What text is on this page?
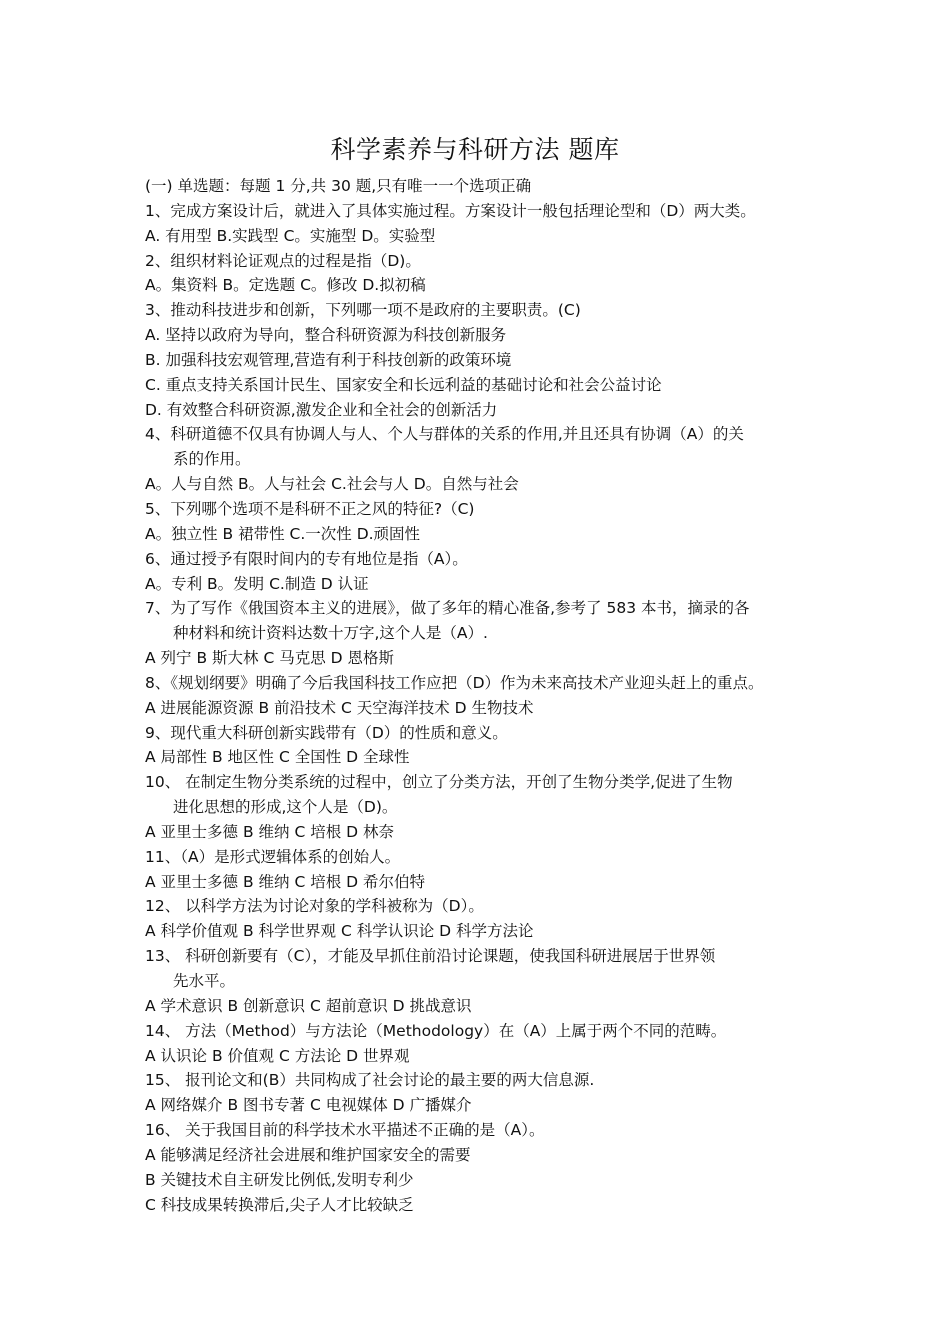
科学素养与科研方法 题库
(一) 单选题：每题 1 分,共 30 题,只有唯一一个选项正确
1、完成方案设计后，就进入了具体实施过程。方案设计一般包括理论型和（D）两大类。
A. 有用型 B.实践型 C。实施型 D。实验型
2、组织材料论证观点的过程是指（D)。
A。集资料 B。定选题 C。修改 D.拟初稿
3、推动科技进步和创新，下列哪一项不是政府的主要职责。(C)
A. 坚持以政府为导向，整合科研资源为科技创新服务
B. 加强科技宏观管理,营造有利于科技创新的政策环境
C. 重点支持关系国计民生、国家安全和长远利益的基础讨论和社会公益讨论
D. 有效整合科研资源,激发企业和全社会的创新活力
4、科研道德不仅具有协调人与人、个人与群体的关系的作用,并且还具有协调（A）的关
系的作用。
A。人与自然 B。人与社会 C.社会与人 D。自然与社会
5、下列哪个选项不是科研不正之风的特征?（C)
A。独立性 B 裙带性 C.一次性 D.顽固性
6、通过授予有限时间内的专有地位是指（A）。
A。专利 B。发明 C.制造 D 认证
7、为了写作《俄国资本主义的进展》，做了多年的精心准备,参考了 583 本书，摘录的各
种材料和统计资料达数十万字,这个人是（A）.
A 列宁 B 斯大林 C 马克思 D 恩格斯
8、《规划纲要》明确了今后我国科技工作应把（D）作为未来高技术产业迎头赶上的重点。
A 进展能源资源 B 前沿技术 C 天空海洋技术 D 生物技术
9、现代重大科研创新实践带有（D）的性质和意义。
A 局部性 B 地区性 C 全国性 D 全球性
10、 在制定生物分类系统的过程中，创立了分类方法，开创了生物分类学,促进了生物
进化思想的形成,这个人是（D)。
A 亚里士多德 B 维纳 C 培根 D 林奈
11、（A）是形式逻辑体系的创始人。
A 亚里士多德 B 维纳 C 培根 D 希尔伯特
12、 以科学方法为讨论对象的学科被称为（D）。
A 科学价值观 B 科学世界观 C 科学认识论 D 科学方法论
13、 科研创新要有（C），才能及早抓住前沿讨论课题，使我国科研进展居于世界领
先水平。
A 学术意识 B 创新意识 C 超前意识 D 挑战意识
14、 方法（Method）与方法论（Methodology）在（A）上属于两个不同的范畴。
A 认识论 B 价值观 C 方法论 D 世界观
15、 报刊论文和(B）共同构成了社会讨论的最主要的两大信息源.
A 网络媒介 B 图书专著 C 电视媒体 D 广播媒介
16、 关于我国目前的科学技术水平描述不正确的是（A）。
A 能够满足经济社会进展和维护国家安全的需要
B 关键技术自主研发比例低,发明专利少
C 科技成果转换滞后,尖子人才比较缺乏
